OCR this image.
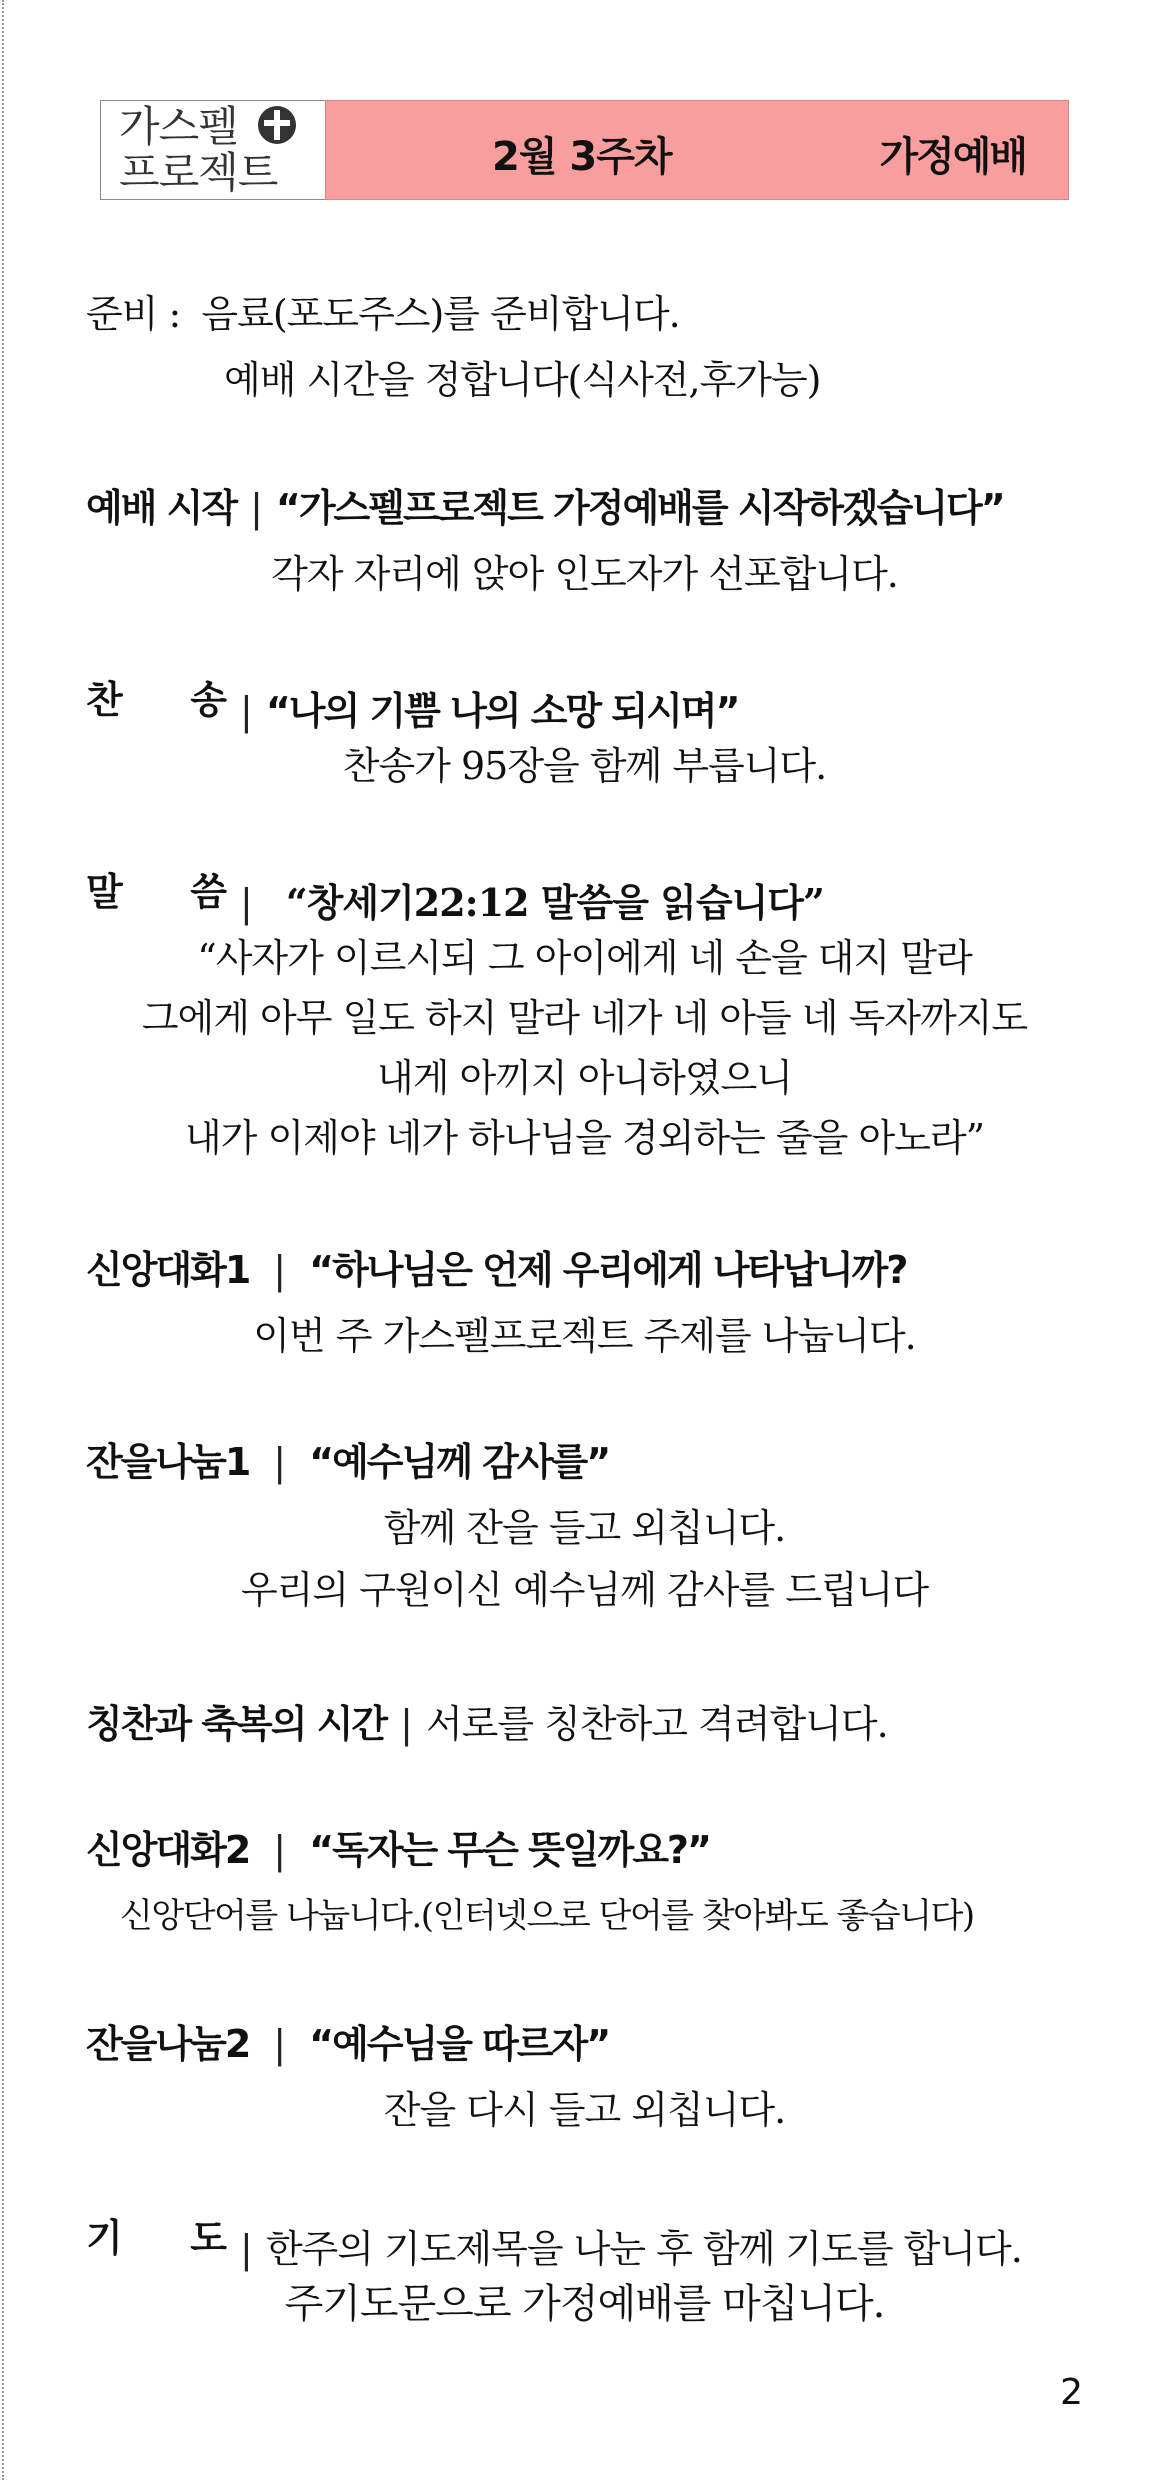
가스펠
프로젝트	2월 3주차	가정예배
준비 : 음료(포도주스)를 준비합니다.
예배 시간을 정합니다(식사전,후가능)
예배 시작 | “가스펠프로젝트 가정예배를 시작하겠습니다”
각자 자리에 앉아 인도자가 선포합니다.
찬 송 | “나의 기쁨 나의 소망 되시며”
찬송가 95장을 함께 부릅니다.
말 씀 | “창세기22:12 말씀을 읽습니다”
“사자가 이르시되 그 아이에게 네 손을 대지 말라
그에게 아무 일도 하지 말라 네가 네 아들 네 독자까지도
내게 아끼지 아니하였으니
내가 이제야 네가 하나님을 경외하는 줄을 아노라”
신앙대화1 | “하나님은 언제 우리에게 나타납니까?
이번 주 가스펠프로젝트 주제를 나눕니다.
잔을나눔1 | “예수님께 감사를”
함께 잔을 들고 외칩니다.
우리의 구원이신 예수님께 감사를 드립니다
칭찬과 축복의 시간 | 서로를 칭찬하고 격려합니다.
신앙대화2 | “독자는 무슨 뜻일까요?”
신앙단어를 나눕니다.(인터넷으로 단어를 찾아봐도 좋습니다)
잔을나눔2 | “예수님을 따르자”
잔을 다시 들고 외칩니다.
기 도 | 한주의 기도제목을 나눈 후 함께 기도를 합니다.
주기도문으로 가정예배를 마칩니다.
2
